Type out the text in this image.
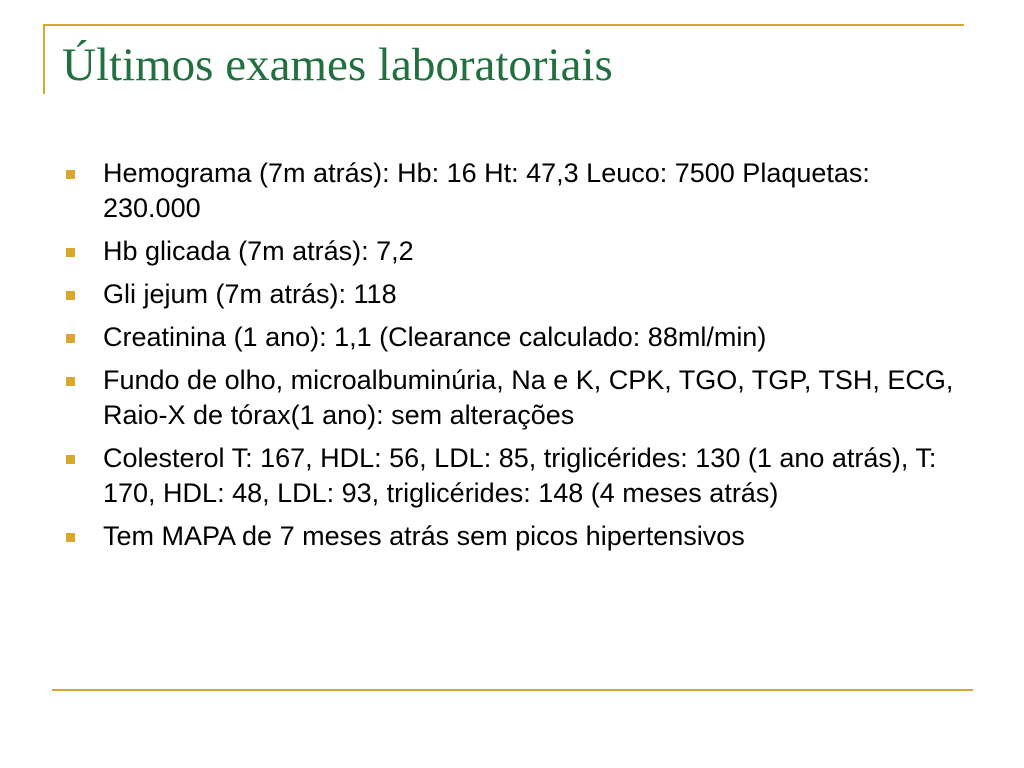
Últimos exames laboratoriais
Hemograma (7m atrás): Hb: 16 Ht: 47,3 Leuco: 7500 Plaquetas: 230.000
Hb glicada (7m atrás): 7,2
Gli jejum (7m atrás): 118
Creatinina (1 ano): 1,1 (Clearance calculado: 88ml/min)
Fundo de olho, microalbuminúria, Na e K, CPK, TGO, TGP, TSH, ECG, Raio-X de tórax(1 ano): sem alterações
Colesterol T: 167, HDL: 56, LDL: 85, triglicérides: 130 (1 ano atrás), T: 170, HDL: 48, LDL: 93, triglicérides: 148 (4 meses atrás)
Tem MAPA de 7 meses atrás sem picos hipertensivos
